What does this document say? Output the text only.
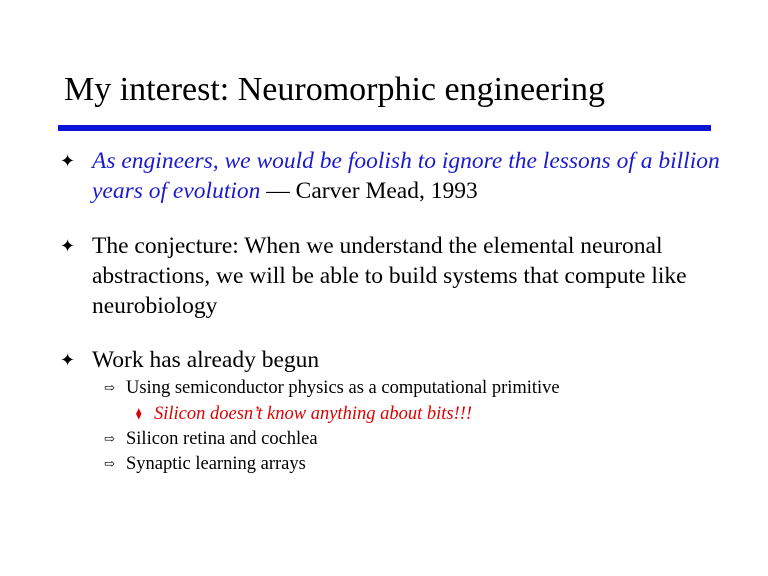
My interest: Neuromorphic engineering
✦ As engineers, we would be foolish to ignore the lessons of a billion years of evolution — Carver Mead, 1993
✦ The conjecture: When we understand the elemental neuronal abstractions, we will be able to build systems that compute like neurobiology
✦ Work has already begun
⇨ Using semiconductor physics as a computational primitive
⧫ Silicon doesn’t know anything about bits!!!
⇨ Silicon retina and cochlea
⇨ Synaptic learning arrays
